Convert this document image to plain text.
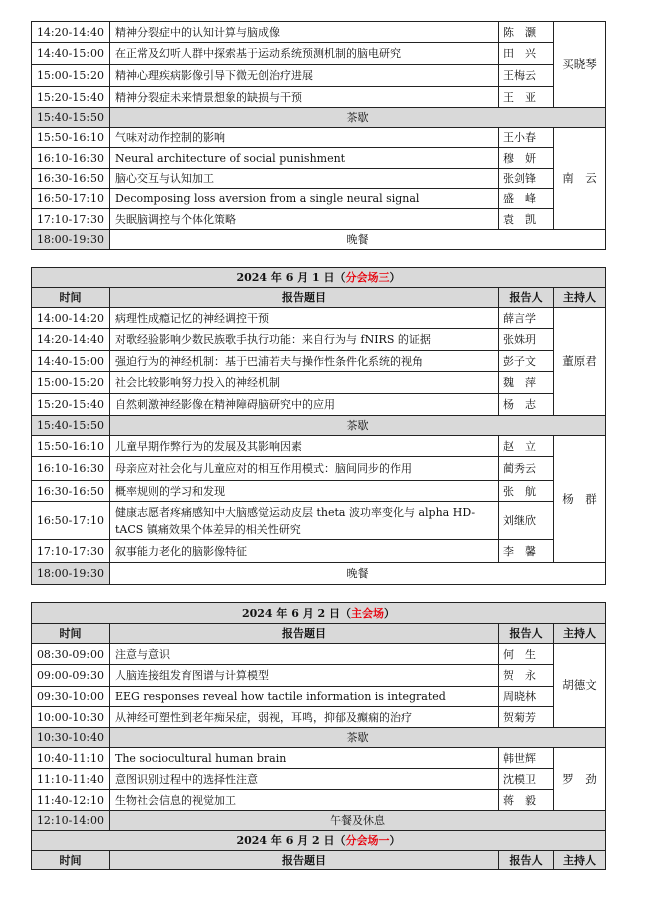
14:20-14:40	精神分裂症中的认知计算与脑成像	陈　灏	买晓琴
14:40-15:00	在正常及幻听人群中探索基于运动系统预测机制的脑电研究	田　兴	
15:00-15:20	精神心理疾病影像引导下微无创治疗进展	王梅云	
15:20-15:40	精神分裂症未来情景想象的缺损与干预	王　亚	
15:40-15:50	茶歇		
15:50-16:10	气味对动作控制的影响	王小春	南　云
16:10-16:30	Neural architecture of social punishment	穆　妍	
16:30-16:50	脑心交互与认知加工	张剑锋	
16:50-17:10	Decomposing loss aversion from a single neural signal	盛　峰	
17:10-17:30	失眠脑调控与个体化策略	袁　凯	
18:00-19:30	晚餐		
2024 年 6 月 1 日（分会场三）			
时间	报告题目	报告人	主持人
14:00-14:20	病理性成瘾记忆的神经调控干预	薛言学	董原君
14:20-14:40	对歌经验影响少数民族歌手执行功能：来自行为与 fNIRS 的证据	张姝玥	
14:40-15:00	强迫行为的神经机制：基于巴浦若夫与操作性条件化系统的视角	彭子文	
15:00-15:20	社会比较影响努力投入的神经机制	魏　萍	
15:20-15:40	自然刺激神经影像在精神障碍脑研究中的应用	杨　志	
15:40-15:50	茶歇		
15:50-16:10	儿童早期作弊行为的发展及其影响因素	赵　立	杨　群
16:10-16:30	母亲应对社会化与儿童应对的相互作用模式：脑间同步的作用	蔺秀云	
16:30-16:50	概率规则的学习和发现	张　航	
16:50-17:10	健康志愿者疼痛感知中大脑感觉运动皮层 theta 波功率变化与 alpha HD-tACS 镇痛效果个体差异的相关性研究	刘继欣	
17:10-17:30	叙事能力老化的脑影像特征	李　馨	
18:00-19:30	晚餐		
2024 年 6 月 2 日（主会场）			
时间	报告题目	报告人	主持人
08:30-09:00	注意与意识	何　生	胡德文
09:00-09:30	人脑连接组发育图谱与计算模型	贺　永	
09:30-10:00	EEG responses reveal how tactile information is integrated	周晓林	
10:00-10:30	从神经可塑性到老年痴呆症，弱视，耳鸣，抑郁及癫痫的治疗	贺菊芳	
10:30-10:40	茶歇		
10:40-11:10	The sociocultural human brain	韩世辉	罗　劲
11:10-11:40	意图识别过程中的选择性注意	沈模卫	
11:40-12:10	生物社会信息的视觉加工	蒋　毅	
12:10-14:00	午餐及休息		
2024 年 6 月 2 日（分会场一）			
时间	报告题目	报告人	主持人
